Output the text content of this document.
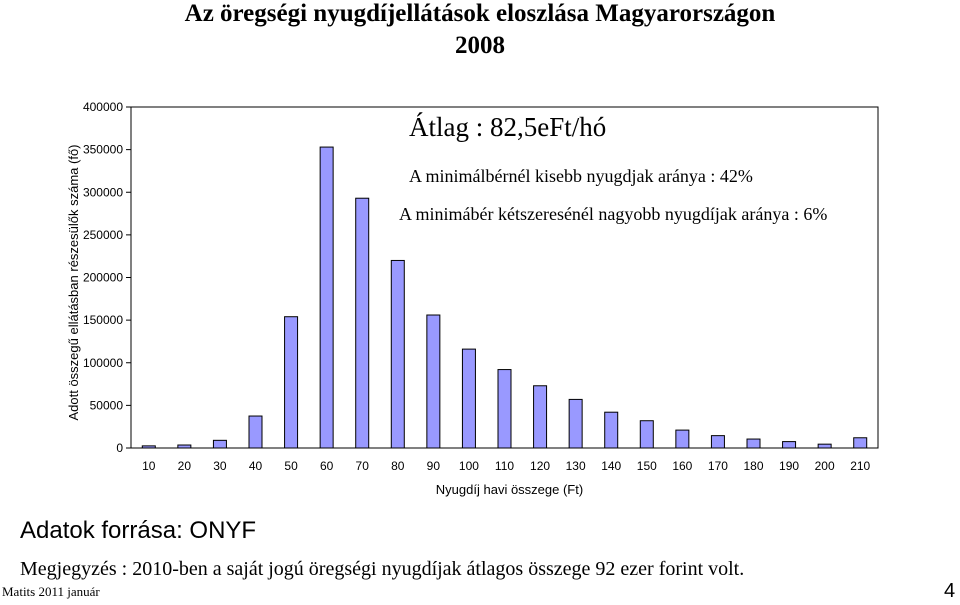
Az öregségi nyugdíjellátások eloszlása Magyarországon
2008
0
50000
100000
150000
200000
250000
300000
350000
400000
10 20 30 40 50 60 70 80 90 100 110 120 130 140 150 160 170 180 190 200 210
Nyugdíj havi összege (Ft)
Adott összegű ellátásban részesülők száma (fő)
Átlag : 82,5eFt/hó
A minimálbérnél kisebb nyugdjak aránya : 42%
A minimábér kétszeresénél nagyobb nyugdíjak aránya : 6%
Adatok forrása: ONYF
Megjegyzés : 2010-ben a saját jogú öregségi nyugdíjak átlagos összege 92 ezer forint volt.
Matits 2011 január	4
